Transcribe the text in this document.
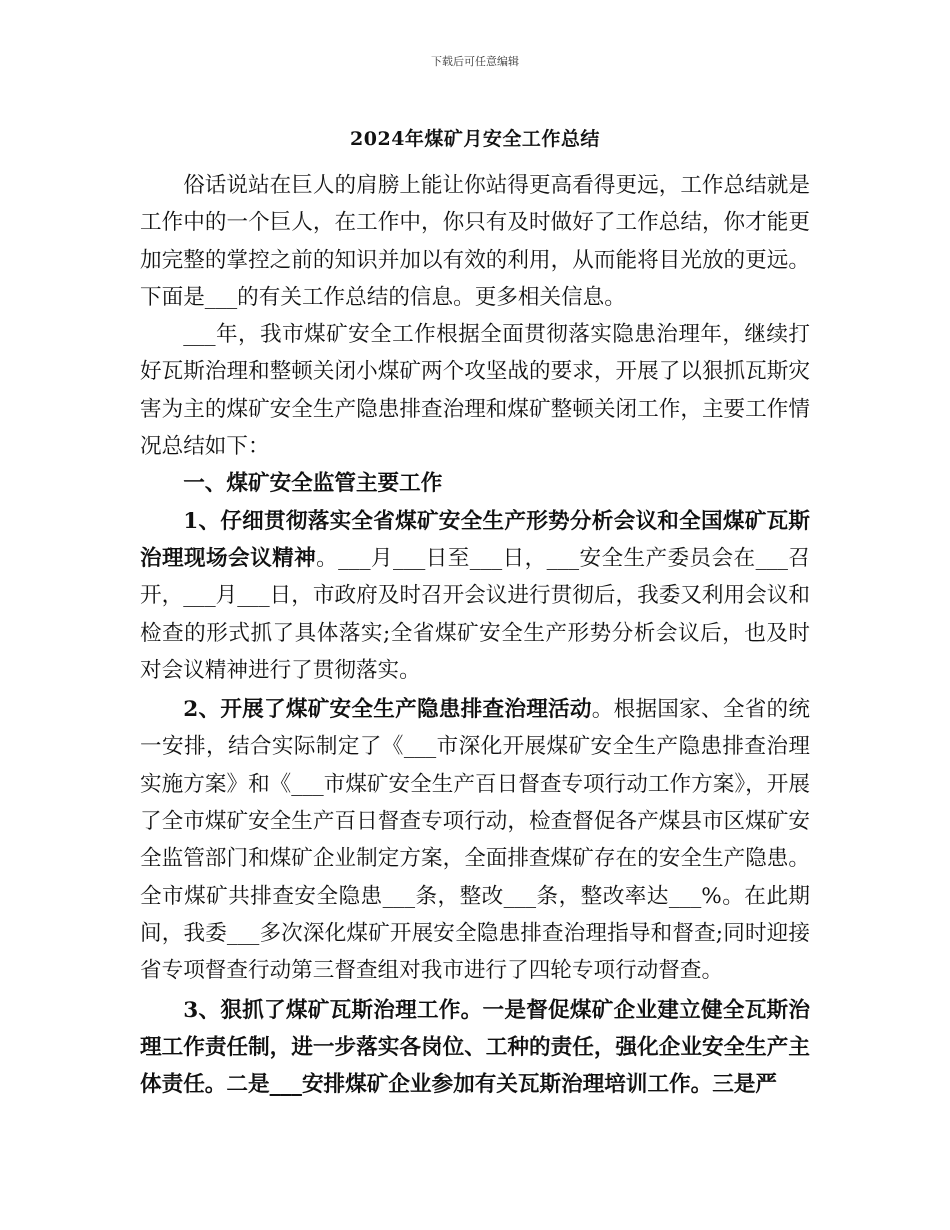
下载后可任意编辑
2024年煤矿月安全工作总结

俗话说站在巨人的肩膀上能让你站得更高看得更远，工作总结就是工作中的一个巨人，在工作中，你只有及时做好了工作总结，你才能更加完整的掌控之前的知识并加以有效的利用，从而能将目光放的更远。下面是___的有关工作总结的信息。更多相关信息。

___年，我市煤矿安全工作根据全面贯彻落实隐患治理年，继续打好瓦斯治理和整顿关闭小煤矿两个攻坚战的要求，开展了以狠抓瓦斯灾害为主的煤矿安全生产隐患排查治理和煤矿整顿关闭工作，主要工作情况总结如下：

一、煤矿安全监管主要工作

1、仔细贯彻落实全省煤矿安全生产形势分析会议和全国煤矿瓦斯治理现场会议精神。___月___日至___日，___安全生产委员会在___召开，___月___日，市政府及时召开会议进行贯彻后，我委又利用会议和检查的形式抓了具体落实;全省煤矿安全生产形势分析会议后，也及时对会议精神进行了贯彻落实。

2、开展了煤矿安全生产隐患排查治理活动。根据国家、全省的统一安排，结合实际制定了《___市深化开展煤矿安全生产隐患排查治理实施方案》和《___市煤矿安全生产百日督查专项行动工作方案》，开展了全市煤矿安全生产百日督查专项行动，检查督促各产煤县市区煤矿安全监管部门和煤矿企业制定方案，全面排查煤矿存在的安全生产隐患。全市煤矿共排查安全隐患___条，整改___条，整改率达___%。在此期间，我委___多次深化煤矿开展安全隐患排查治理指导和督查;同时迎接省专项督查行动第三督查组对我市进行了四轮专项行动督查。

3、狠抓了煤矿瓦斯治理工作。一是督促煤矿企业建立健全瓦斯治理工作责任制，进一步落实各岗位、工种的责任，强化企业安全生产主体责任。二是___安排煤矿企业参加有关瓦斯治理培训工作。三是严
